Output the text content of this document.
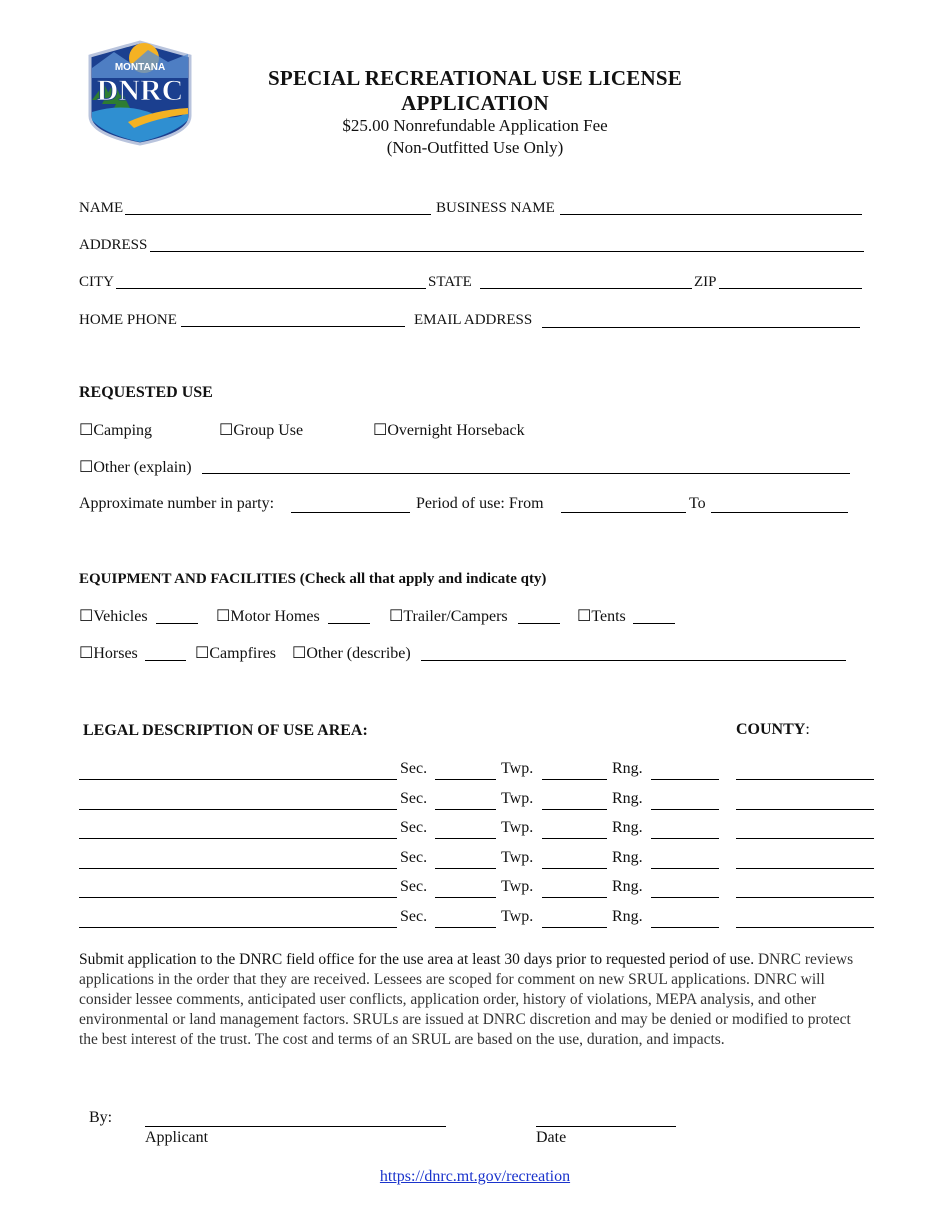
MONTANA
DNRC	SPECIAL RECREATIONAL USE LICENSE
APPLICATION
$25.00 Nonrefundable Application Fee
(Non-Outfitted Use Only)
NAME	BUSINESS NAME
ADDRESS
CITY	STATE	ZIP
HOME PHONE	EMAIL ADDRESS
REQUESTED USE
☐Camping	☐Group Use	☐Overnight Horseback
☐Other (explain)
Approximate number in party:	Period of use: From	To
EQUIPMENT AND FACILITIES (Check all that apply and indicate qty)
☐Vehicles	☐Motor Homes	☐Trailer/Campers	☐Tents
☐Horses	☐Campfires ☐Other (describe)
LEGAL DESCRIPTION OF USE AREA:	COUNTY:
Sec.	Twp.	Rng.
Sec.	Twp.	Rng.
Sec.	Twp.	Rng.
Sec.	Twp.	Rng.
Sec.	Twp.	Rng.
Sec.	Twp.	Rng.
Submit application to the DNRC field office for the use area at least 30 days prior to requested period of use. DNRC reviews applications in the order that they are received. Lessees are scoped for comment on new SRUL applications. DNRC will consider lessee comments, anticipated user conflicts, application order, history of violations, MEPA analysis, and other environmental or land management factors. SRULs are issued at DNRC discretion and may be denied or modified to protect the best interest of the trust. The cost and terms of an SRUL are based on the use, duration, and impacts.
By:
Applicant	Date
https://dnrc.mt.gov/recreation
